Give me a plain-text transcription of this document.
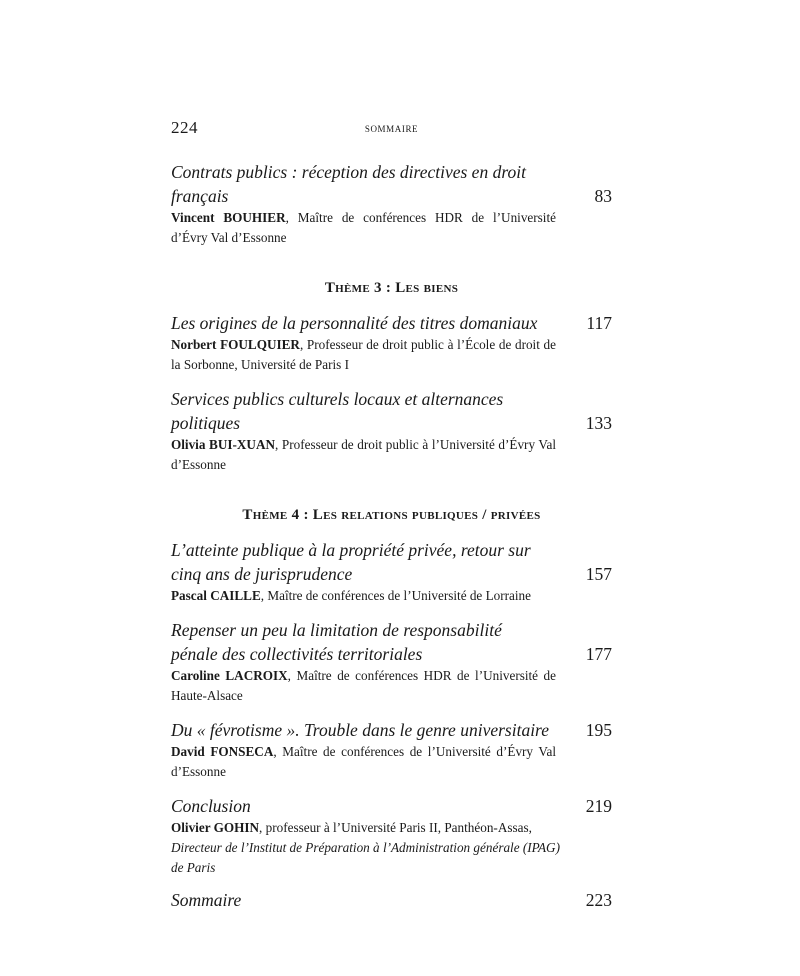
224	SOMMAIRE
Contrats publics : réception des directives en droit français	83
Vincent BOUHIER, Maître de conférences HDR de l’Université d’Évry Val d’Essonne
Thème 3 : Les biens
Les origines de la personnalité des titres domaniaux	117
Norbert FOULQUIER, Professeur de droit public à l’École de droit de la Sorbonne, Université de Paris I
Services publics culturels locaux et alternances politiques	133
Olivia BUI-XUAN, Professeur de droit public à l’Université d’Évry Val d’Essonne
Thème 4 : Les relations publiques / privées
L’atteinte publique à la propriété privée, retour sur cinq ans de jurisprudence	157
Pascal CAILLE, Maître de conférences de l’Université de Lorraine
Repenser un peu la limitation de responsabilité pénale des collectivités territoriales	177
Caroline LACROIX, Maître de conférences HDR de l’Université de Haute-Alsace
Du « févrotisme ». Trouble dans le genre universitaire	195
David FONSECA, Maître de conférences de l’Université d’Évry Val d’Essonne
Conclusion	219
Olivier GOHIN, professeur à l’Université Paris II, Panthéon-Assas,
Directeur de l’Institut de Préparation à l’Administration générale (IPAG) de Paris
Sommaire	223
